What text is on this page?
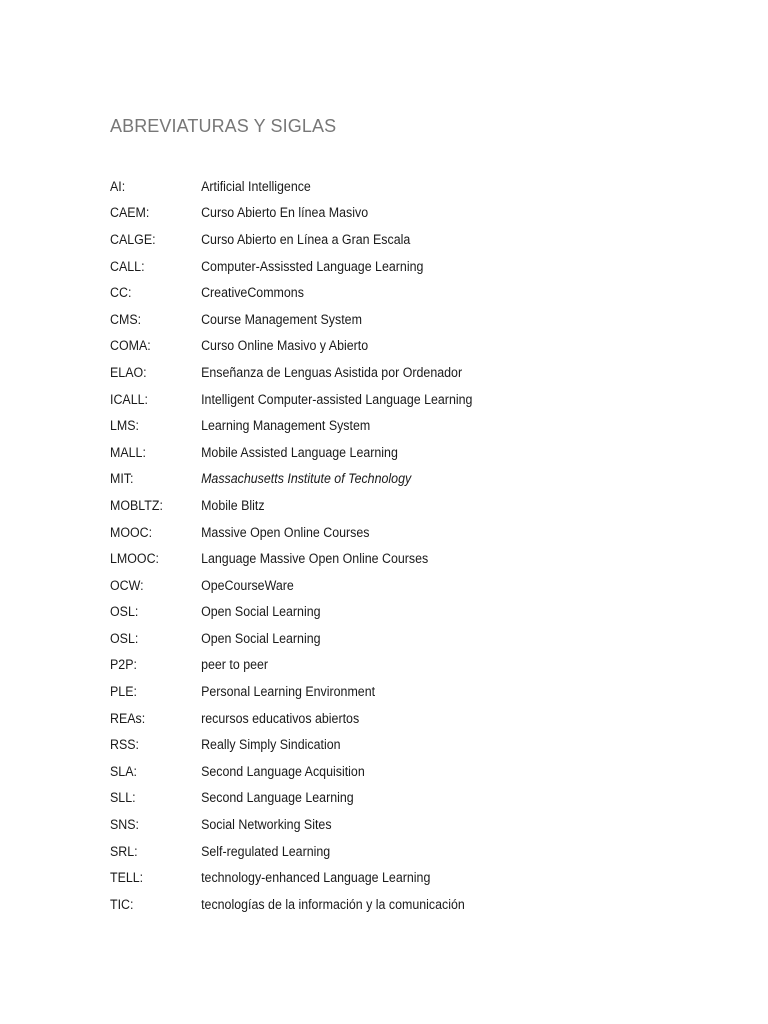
ABREVIATURAS Y SIGLAS
AI:	Artificial Intelligence
CAEM:	Curso Abierto En línea Masivo
CALGE:	Curso Abierto en Línea a Gran Escala
CALL:	Computer-Assissted Language Learning
CC:	CreativeCommons
CMS:	Course Management System
COMA:	Curso Online Masivo y Abierto
ELAO:	Enseñanza de Lenguas Asistida por Ordenador
ICALL:	Intelligent Computer-assisted Language Learning
LMS:	Learning Management System
MALL:	Mobile Assisted Language Learning
MIT:	Massachusetts Institute of Technology
MOBLTZ:	Mobile Blitz
MOOC:	Massive Open Online Courses
LMOOC:	Language Massive Open Online Courses
OCW:	OpeCourseWare
OSL:	Open Social Learning
OSL:	Open Social Learning
P2P:	peer to peer
PLE:	Personal Learning Environment
REAs:	recursos educativos abiertos
RSS:	Really Simply Sindication
SLA:	Second Language Acquisition
SLL:	Second Language Learning
SNS:	Social Networking Sites
SRL:	Self-regulated Learning
TELL:	technology-enhanced Language Learning
TIC:	tecnologías de la información y la comunicación
